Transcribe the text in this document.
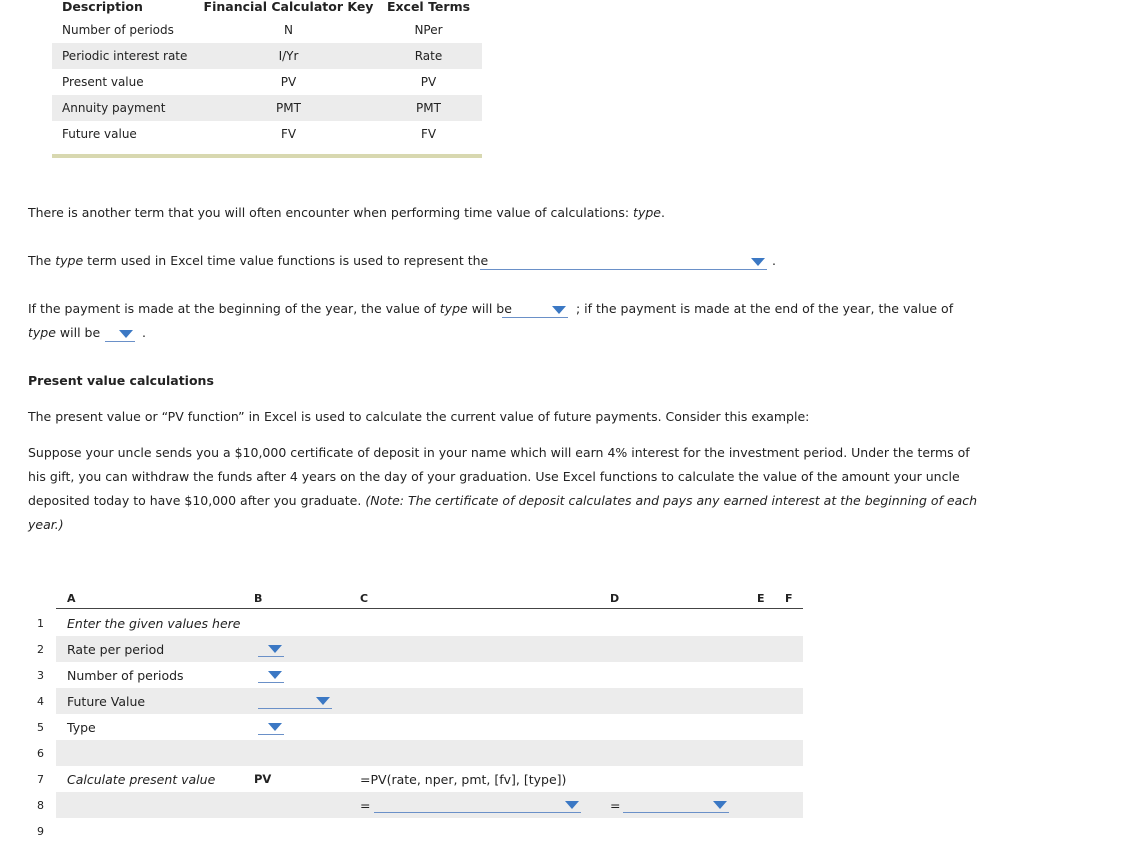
Description	Financial Calculator Key	Excel Terms
Number of periods	N	NPer
Periodic interest rate	I/Yr	Rate
Present value	PV	PV
Annuity payment	PMT	PMT
Future value	FV	FV
There is another term that you will often encounter when performing time value of calculations: type.
The type term used in Excel time value functions is used to represent the	.
If the payment is made at the beginning of the year, the value of type will be	; if the payment is made at the end of the year, the value of
type will be	.
Present value calculations
The present value or “PV function” in Excel is used to calculate the current value of future payments. Consider this example:
Suppose your uncle sends you a $10,000 certificate of deposit in your name which will earn 4% interest for the investment period. Under the terms of
his gift, you can withdraw the funds after 4 years on the day of your graduation. Use Excel functions to calculate the value of the amount your uncle
deposited today to have $10,000 after you graduate. (Note: The certificate of deposit calculates and pays any earned interest at the beginning of each
year.)
A	B	C	D	E F
1 Enter the given values here
2 Rate per period
3 Number of periods
4 Future Value
5 Type
6
7 Calculate present value	PV	=PV(rate, nper, pmt, [fv], [type])
8	=	=
9
